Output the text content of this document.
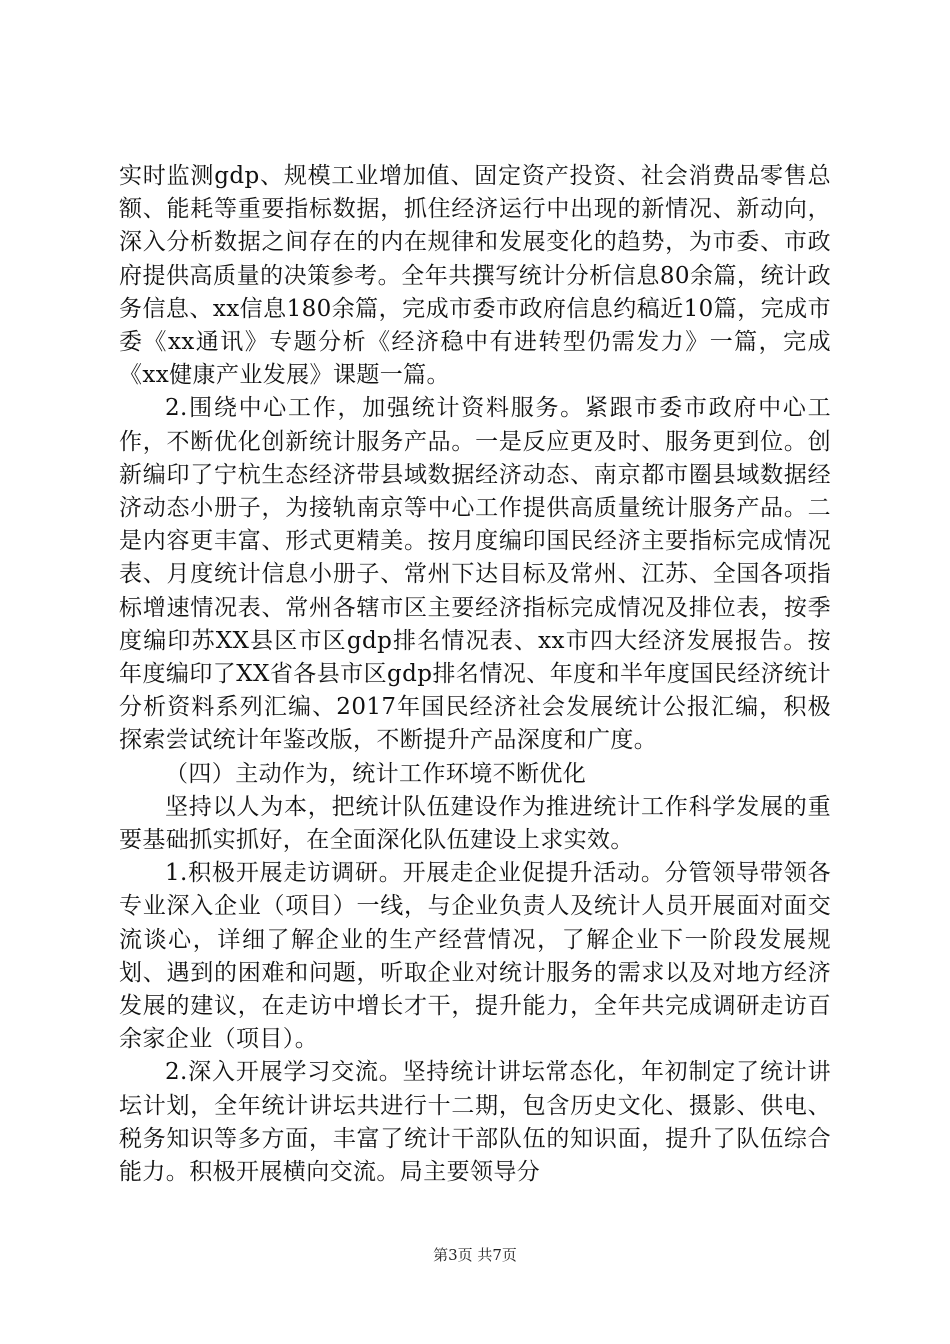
实时监测gdp、规模工业增加值、固定资产投资、社会消费品零售总额、能耗等重要指标数据，抓住经济运行中出现的新情况、新动向，深入分析数据之间存在的内在规律和发展变化的趋势，为市委、市政府提供高质量的决策参考。全年共撰写统计分析信息80余篇，统计政务信息、xx信息180余篇，完成市委市政府信息约稿近10篇，完成市委《xx通讯》专题分析《经济稳中有进转型仍需发力》一篇，完成《xx健康产业发展》课题一篇。

2.围绕中心工作，加强统计资料服务。紧跟市委市政府中心工作，不断优化创新统计服务产品。一是反应更及时、服务更到位。创新编印了宁杭生态经济带县域数据经济动态、南京都市圈县域数据经济动态小册子，为接轨南京等中心工作提供高质量统计服务产品。二是内容更丰富、形式更精美。按月度编印国民经济主要指标完成情况表、月度统计信息小册子、常州下达目标及常州、江苏、全国各项指标增速情况表、常州各辖市区主要经济指标完成情况及排位表，按季度编印苏XX县区市区gdp排名情况表、xx市四大经济发展报告。按年度编印了XX省各县市区gdp排名情况、年度和半年度国民经济统计分析资料系列汇编、2017年国民经济社会发展统计公报汇编，积极探索尝试统计年鉴改版，不断提升产品深度和广度。

（四）主动作为，统计工作环境不断优化

坚持以人为本，把统计队伍建设作为推进统计工作科学发展的重要基础抓实抓好，在全面深化队伍建设上求实效。

1.积极开展走访调研。开展走企业促提升活动。分管领导带领各专业深入企业（项目）一线，与企业负责人及统计人员开展面对面交流谈心，详细了解企业的生产经营情况，了解企业下一阶段发展规划、遇到的困难和问题，听取企业对统计服务的需求以及对地方经济发展的建议，在走访中增长才干，提升能力，全年共完成调研走访百余家企业（项目）。

2.深入开展学习交流。坚持统计讲坛常态化，年初制定了统计讲坛计划，全年统计讲坛共进行十二期，包含历史文化、摄影、供电、税务知识等多方面，丰富了统计干部队伍的知识面，提升了队伍综合能力。积极开展横向交流。局主要领导分

第3页 共7页
